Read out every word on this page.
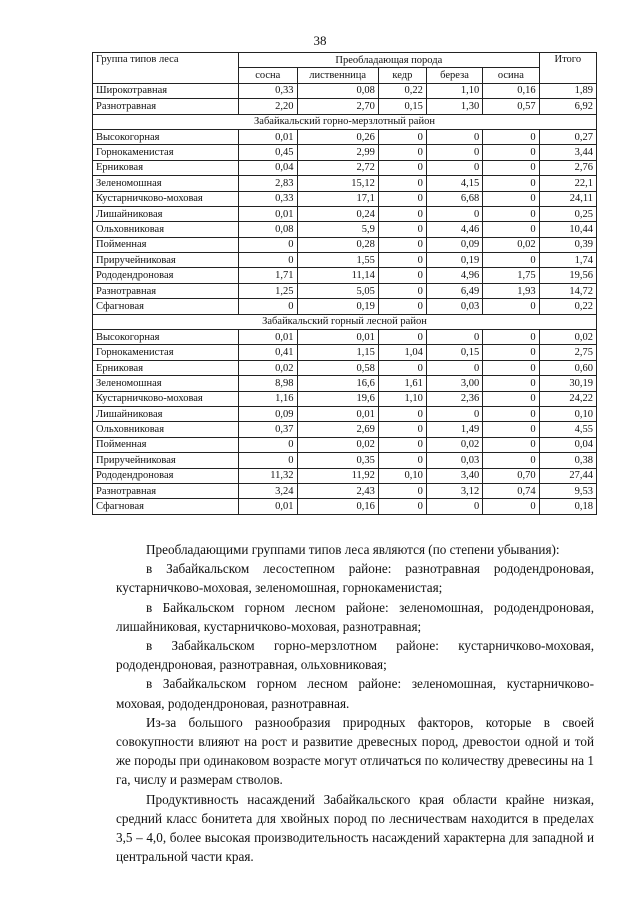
38
Группа типов леса	Преобладающая порода					Итого
	сосна	лиственница	кедр	береза	осина	
Широкотравная	0,33	0,08	0,22	1,10	0,16	1,89
Разнотравная	2,20	2,70	0,15	1,30	0,57	6,92
Забайкальский горно-мерзлотный район						
Высокогорная	0,01	0,26	0	0	0	0,27
Горнокаменистая	0,45	2,99	0	0	0	3,44
Ерниковая	0,04	2,72	0	0	0	2,76
Зеленомошная	2,83	15,12	0	4,15	0	22,1
Кустарничково-моховая	0,33	17,1	0	6,68	0	24,11
Лишайниковая	0,01	0,24	0	0	0	0,25
Ольховниковая	0,08	5,9	0	4,46	0	10,44
Пойменная	0	0,28	0	0,09	0,02	0,39
Приручейниковая	0	1,55	0	0,19	0	1,74
Рододендроновая	1,71	11,14	0	4,96	1,75	19,56
Разнотравная	1,25	5,05	0	6,49	1,93	14,72
Сфагновая	0	0,19	0	0,03	0	0,22
Забайкальский горный лесной район						
Высокогорная	0,01	0,01	0	0	0	0,02
Горнокаменистая	0,41	1,15	1,04	0,15	0	2,75
Ерниковая	0,02	0,58	0	0	0	0,60
Зеленомошная	8,98	16,6	1,61	3,00	0	30,19
Кустарничково-моховая	1,16	19,6	1,10	2,36	0	24,22
Лишайниковая	0,09	0,01	0	0	0	0,10
Ольховниковая	0,37	2,69	0	1,49	0	4,55
Пойменная	0	0,02	0	0,02	0	0,04
Приручейниковая	0	0,35	0	0,03	0	0,38
Рододендроновая	11,32	11,92	0,10	3,40	0,70	27,44
Разнотравная	3,24	2,43	0	3,12	0,74	9,53
Сфагновая	0,01	0,16	0	0	0	0,18

Преобладающими группами типов леса являются (по степени убывания):

в Забайкальском лесостепном районе: разнотравная рододендроновая, кустарничково-моховая, зеленомошная, горнокаменистая;

в Байкальском горном лесном районе: зеленомошная, рододендроновая, лишайниковая, кустарничково-моховая, разнотравная;

в Забайкальском горно-мерзлотном районе: кустарничково-моховая, рододендроновая, разнотравная, ольховниковая;

в Забайкальском горном лесном районе: зеленомошная, кустарничково-моховая, рододендроновая, разнотравная.

Из-за большого разнообразия природных факторов, которые в своей совокупности влияют на рост и развитие древесных пород, древостои одной и той же породы при одинаковом возрасте могут отличаться по количеству древесины на 1 га, числу и размерам стволов.

Продуктивность насаждений Забайкальского края области крайне низкая, средний класс бонитета для хвойных пород по лесничествам находится в пределах 3,5 – 4,0, более высокая производительность насаждений характерна для западной и центральной части края.
